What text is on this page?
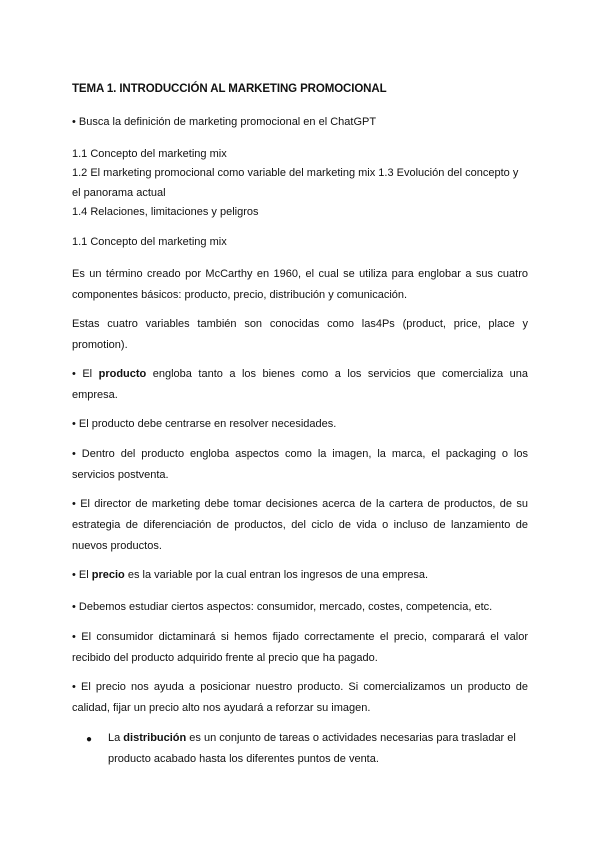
TEMA 1. INTRODUCCIÓN AL MARKETING PROMOCIONAL
• Busca la definición de marketing promocional en el ChatGPT
1.1 Concepto del marketing mix
1.2 El marketing promocional como variable del marketing mix 1.3 Evolución del concepto y el panorama actual
1.4 Relaciones, limitaciones y peligros
1.1 Concepto del marketing mix
Es un término creado por McCarthy en 1960, el cual se utiliza para englobar a sus cuatro componentes básicos: producto, precio, distribución y comunicación.
Estas cuatro variables también son conocidas como las4Ps (product, price, place y promotion).
• El producto engloba tanto a los bienes como a los servicios que comercializa una empresa.
• El producto debe centrarse en resolver necesidades.
• Dentro del producto engloba aspectos como la imagen, la marca, el packaging o los servicios postventa.
• El director de marketing debe tomar decisiones acerca de la cartera de productos, de su estrategia de diferenciación de productos, del ciclo de vida o incluso de lanzamiento de nuevos productos.
• El precio es la variable por la cual entran los ingresos de una empresa.
• Debemos estudiar ciertos aspectos: consumidor, mercado, costes, competencia, etc.
• El consumidor dictaminará si hemos fijado correctamente el precio, comparará el valor recibido del producto adquirido frente al precio que ha pagado.
• El precio nos ayuda a posicionar nuestro producto. Si comercializamos un producto de calidad, fijar un precio alto nos ayudará a reforzar su imagen.
● La distribución es un conjunto de tareas o actividades necesarias para trasladar el producto acabado hasta los diferentes puntos de venta.
